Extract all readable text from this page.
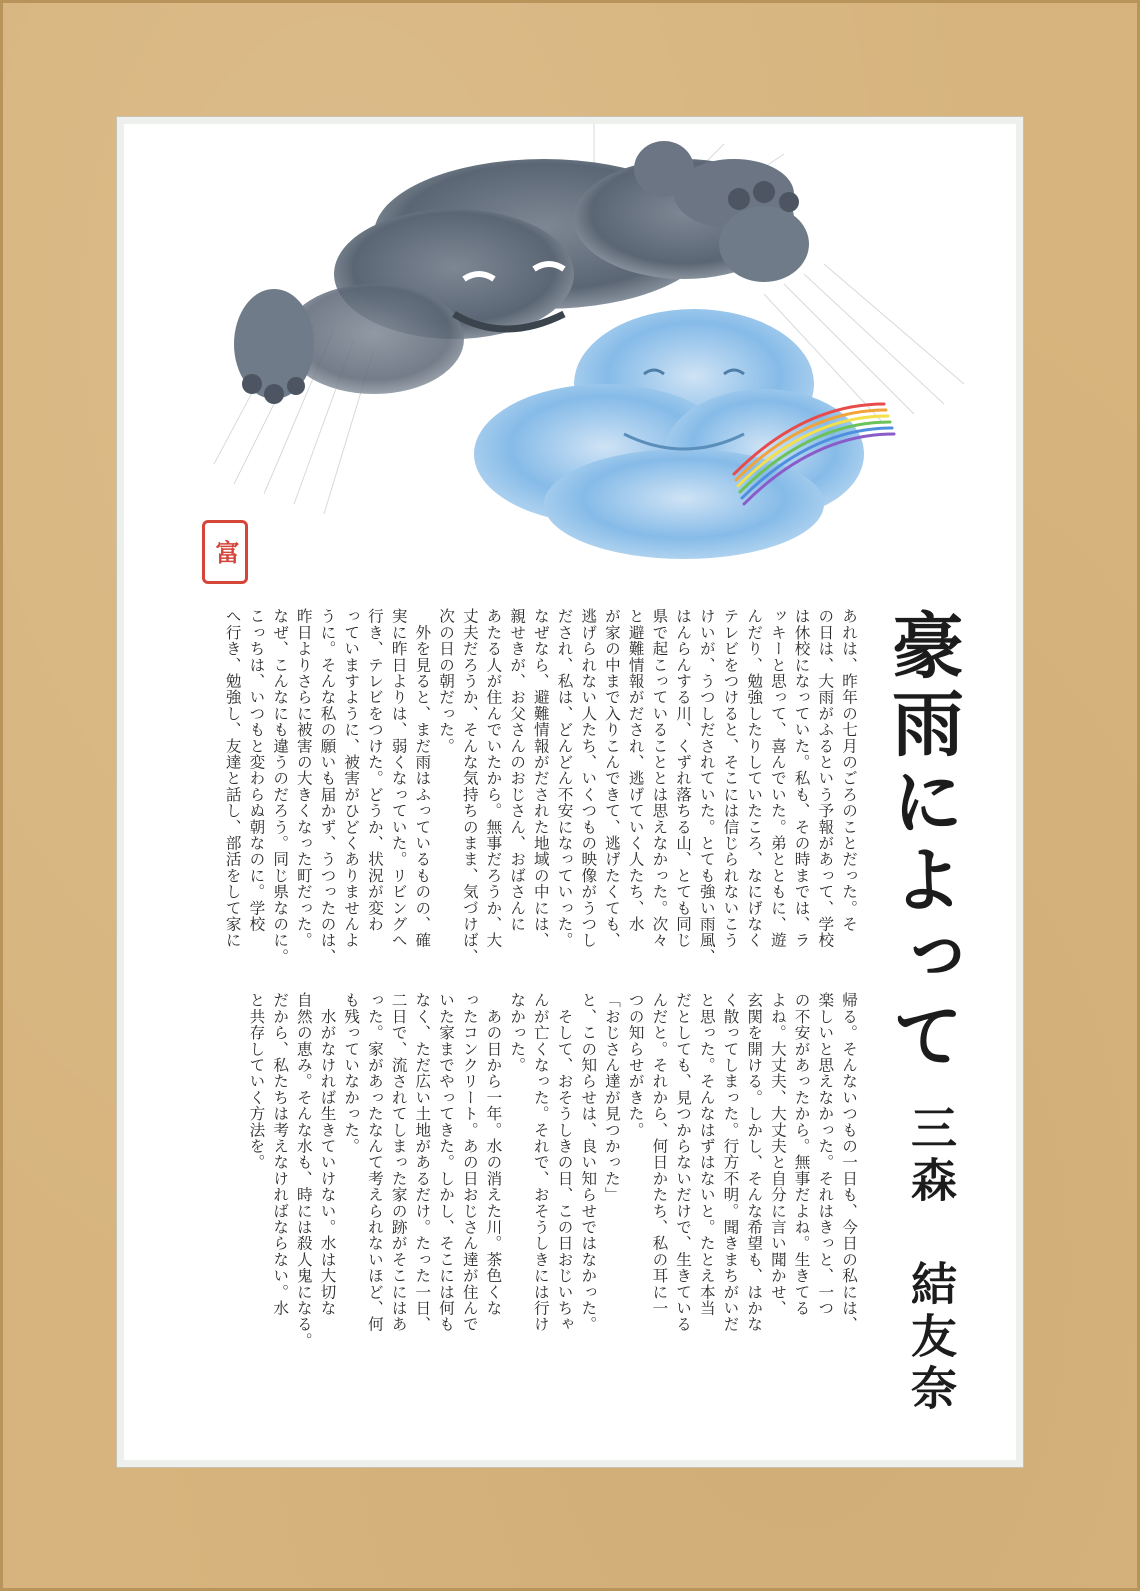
富
豪雨によって
三森　結友奈

あれは、昨年の七月のごろのことだった。そ

の日は、大雨がふるという予報があって、学校

は休校になっていた。私も、その時までは、ラ

ッキーと思って、喜んでいた。弟とともに、遊

んだり、勉強したりしていたころ、なにげなく

テレビをつけると、そこには信じられないこう

けいが、うつしだされていた。とても強い雨風、

はんらんする川、くずれ落ちる山、とても同じ

県で起こっていることとは思えなかった。次々

と避難情報がだされ、逃げていく人たち、水

が家の中まで入りこんできて、逃げたくても、

逃げられない人たち、いくつもの映像がうつし

だされ、私は、どんどん不安になっていった。

なぜなら、避難情報がだされた地域の中には、

親せきが、お父さんのおじさん、おばさんに

あたる人が住んでいたから。無事だろうか、大

丈夫だろうか、そんな気持ちのまま、気づけば、

次の日の朝だった。

　外を見ると、まだ雨はふっているものの、確

実に昨日よりは、弱くなっていた。リビングへ

行き、テレビをつけた。どうか、状況が変わ

っていますように、被害がひどくありませんよ

うに。そんな私の願いも届かず、うつったのは、

昨日よりさらに被害の大きくなった町だった。

なぜ、こんなにも違うのだろう。同じ県なのに。

こっちは、いつもと変わらぬ朝なのに。学校

へ行き、勉強し、友達と話し、部活をして家に

帰る。そんないつもの一日も、今日の私には、

楽しいと思えなかった。それはきっと、一つ

の不安があったから。無事だよね。生きてる

よね。大丈夫、大丈夫と自分に言い聞かせ、

玄関を開ける。しかし、そんな希望も、はかな

く散ってしまった。行方不明。聞きまちがいだ

と思った。そんなはずはないと。たとえ本当

だとしても、見つからないだけで、生きている

んだと。それから、何日かたち、私の耳に一

つの知らせがきた。

「おじさん達が見つかった」

と、この知らせは、良い知らせではなかった。

　そして、おそうしきの日、この日おじいちゃ

んが亡くなった。それで、おそうしきには行け

なかった。

　あの日から一年。水の消えた川。茶色くな

ったコンクリート。あの日おじさん達が住んで

いた家までやってきた。しかし、そこには何も

なく、ただ広い土地があるだけ。たった一日、

二日で、流されてしまった家の跡がそこにはあ

った。家があったなんて考えられないほど、何

も残っていなかった。

　水がなければ生きていけない。水は大切な

自然の恵み。そんな水も、時には殺人鬼になる。

だから、私たちは考えなければならない。水

と共存していく方法を。
